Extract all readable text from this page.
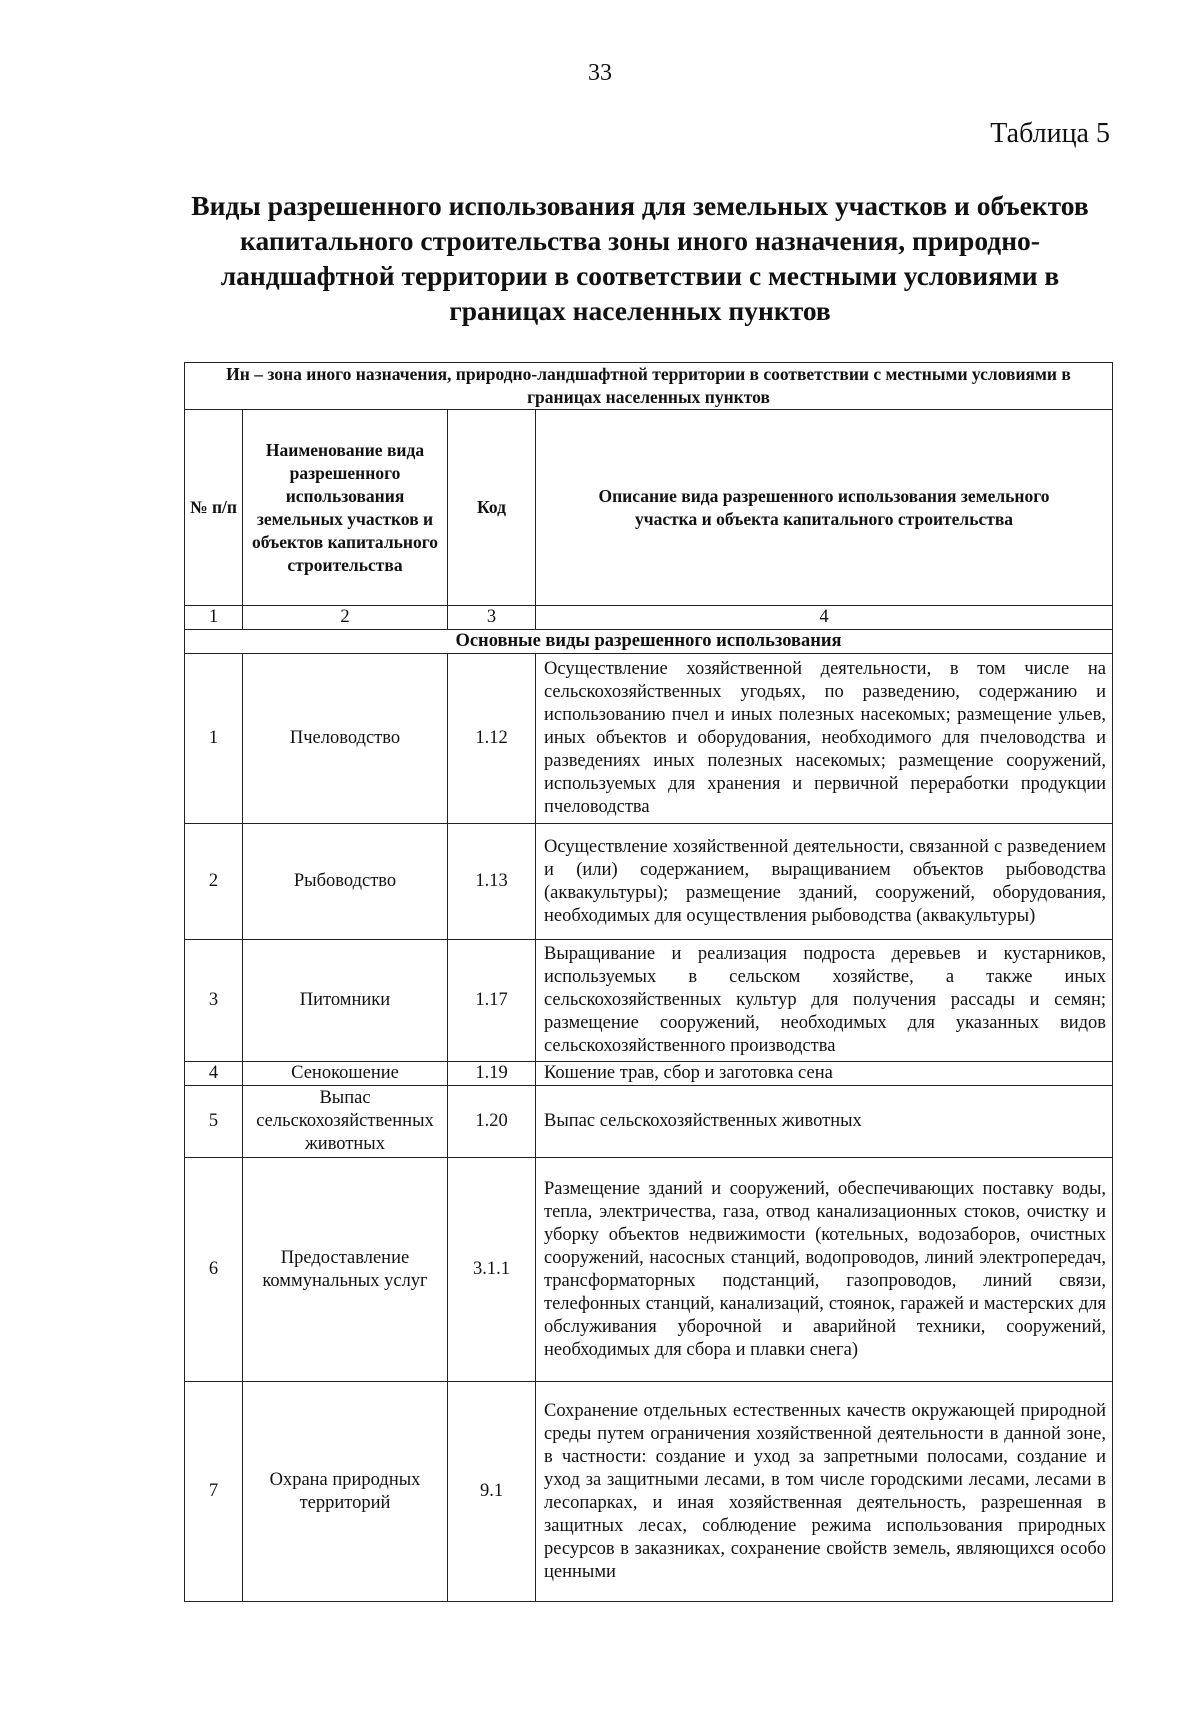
33
Таблица 5
Виды разрешенного использования для земельных участков и объектов капитального строительства зоны иного назначения, природно-ландшафтной территории в соответствии с местными условиями в границах населенных пунктов
Ин – зона иного назначения, природно-ландшафтной территории в соответствии с местными условиями в границах населенных пунктов			
№ п/п	Наименование вида разрешенного использования земельных участков и объектов капитального строительства	Код	Описание вида разрешенного использования земельного участка и объекта капитального строительства
1	2	3	4
Основные виды разрешенного использования			
1	Пчеловодство	1.12	Осуществление хозяйственной деятельности, в том числе на сельскохозяйственных угодьях, по разведению, содержанию и использованию пчел и иных полезных насекомых; размещение ульев, иных объектов и оборудования, необходимого для пчеловодства и разведениях иных полезных насекомых; размещение сооружений, используемых для хранения и первичной переработки продукции пчеловодства
2	Рыбоводство	1.13	Осуществление хозяйственной деятельности, связанной с разведением и (или) содержанием, выращиванием объектов рыбоводства (аквакультуры); размещение зданий, сооружений, оборудования, необходимых для осуществления рыбоводства (аквакультуры)
3	Питомники	1.17	Выращивание и реализация подроста деревьев и кустарников, используемых в сельском хозяйстве, а также иных сельскохозяйственных культур для получения рассады и семян; размещение сооружений, необходимых для указанных видов сельскохозяйственного производства
4	Сенокошение	1.19	Кошение трав, сбор и заготовка сена
5	Выпас сельскохозяйственных животных	1.20	Выпас сельскохозяйственных животных
6	Предоставление коммунальных услуг	3.1.1	Размещение зданий и сооружений, обеспечивающих поставку воды, тепла, электричества, газа, отвод канализационных стоков, очистку и уборку объектов недвижимости (котельных, водозаборов, очистных сооружений, насосных станций, водопроводов, линий электропередач, трансформаторных подстанций, газопроводов, линий связи, телефонных станций, канализаций, стоянок, гаражей и мастерских для обслуживания уборочной и аварийной техники, сооружений, необходимых для сбора и плавки снега)
7	Охрана природных территорий	9.1	Сохранение отдельных естественных качеств окружающей природной среды путем ограничения хозяйственной деятельности в данной зоне, в частности: создание и уход за запретными полосами, создание и уход за защитными лесами, в том числе городскими лесами, лесами в лесопарках, и иная хозяйственная деятельность, разрешенная в защитных лесах, соблюдение режима использования природных ресурсов в заказниках, сохранение свойств земель, являющихся особо ценными
